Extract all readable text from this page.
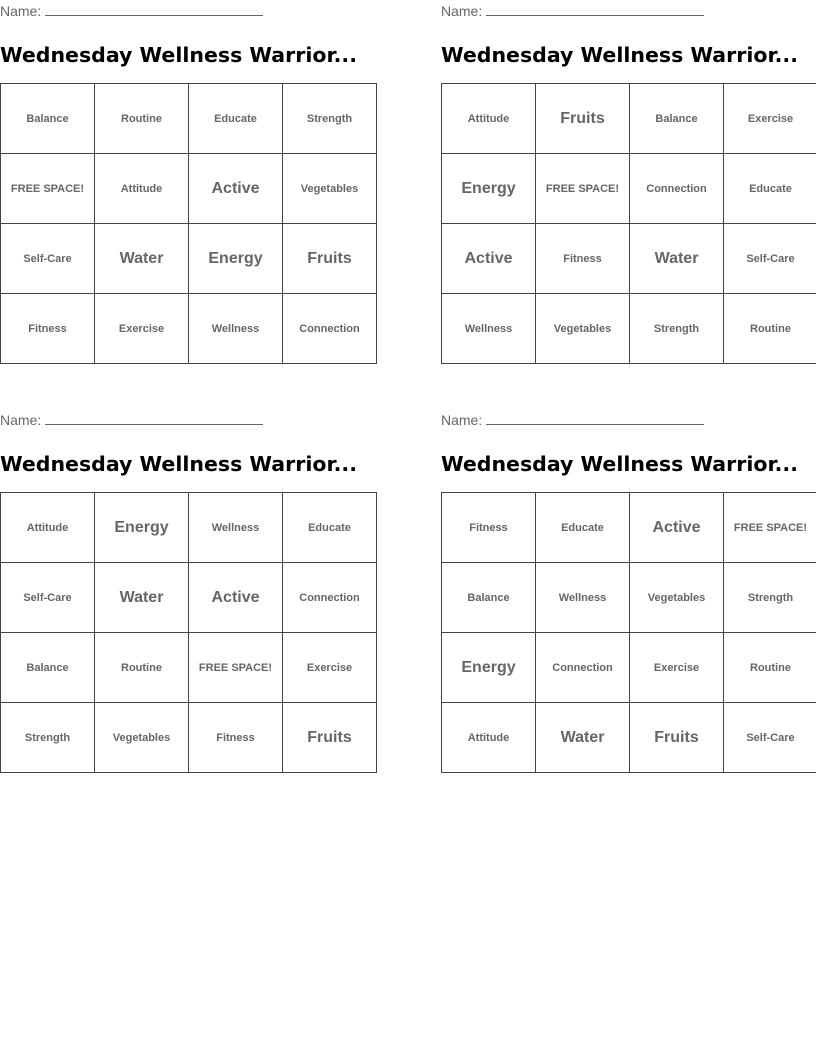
Name:
Wednesday Wellness Warrior...
Balance	Routine	Educate	Strength
FREE SPACE!	Attitude	Active	Vegetables
Self-Care	Water	Energy	Fruits
Fitness	Exercise	Wellness	Connection
Name:
Wednesday Wellness Warrior...
Attitude	Fruits	Balance	Exercise
Energy	FREE SPACE!	Connection	Educate
Active	Fitness	Water	Self-Care
Wellness	Vegetables	Strength	Routine
Name:
Wednesday Wellness Warrior...
Attitude	Energy	Wellness	Educate
Self-Care	Water	Active	Connection
Balance	Routine	FREE SPACE!	Exercise
Strength	Vegetables	Fitness	Fruits
Name:
Wednesday Wellness Warrior...
Fitness	Educate	Active	FREE SPACE!
Balance	Wellness	Vegetables	Strength
Energy	Connection	Exercise	Routine
Attitude	Water	Fruits	Self-Care
